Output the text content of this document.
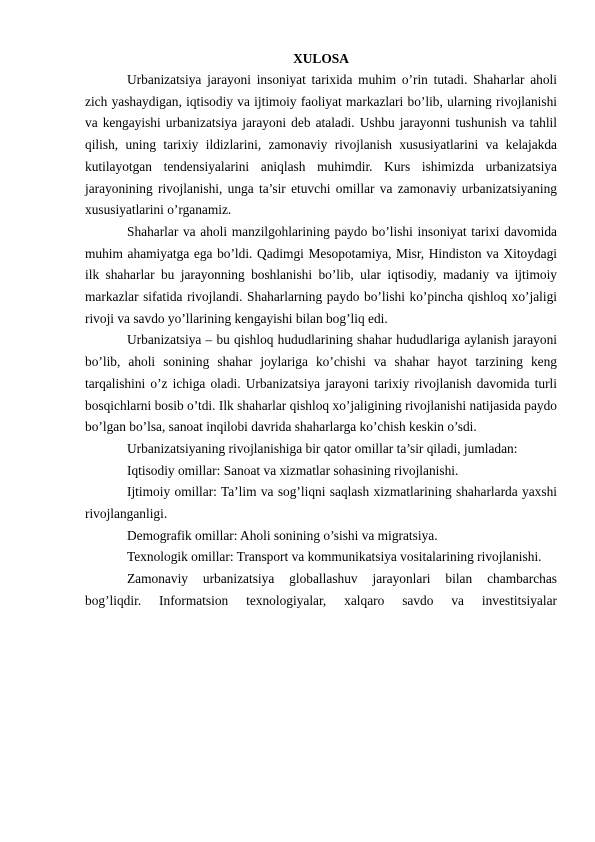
XULOSA

Urbanizatsiya jarayoni insoniyat tarixida muhim o’rin tutadi. Shaharlar aholi zich yashaydigan, iqtisodiy va ijtimoiy faoliyat markazlari bo’lib, ularning rivojlanishi va kengayishi urbanizatsiya jarayoni deb ataladi. Ushbu jarayonni tushunish va tahlil qilish, uning tarixiy ildizlarini, zamonaviy rivojlanish xususiyatlarini va kelajakda kutilayotgan tendensiyalarini aniqlash muhimdir. Kurs ishimizda urbanizatsiya jarayonining rivojlanishi, unga ta’sir etuvchi omillar va zamonaviy urbanizatsiyaning xususiyatlarini o’rganamiz.

Shaharlar va aholi manzilgohlarining paydo bo’lishi insoniyat tarixi davomida muhim ahamiyatga ega bo’ldi. Qadimgi Mesopotamiya, Misr, Hindiston va Xitoydagi ilk shaharlar bu jarayonning boshlanishi bo’lib, ular iqtisodiy, madaniy va ijtimoiy markazlar sifatida rivojlandi. Shaharlarning paydo bo’lishi ko’pincha qishloq xo’jaligi rivoji va savdo yo’llarining kengayishi bilan bog’liq edi.

Urbanizatsiya – bu qishloq hududlarining shahar hududlariga aylanish jarayoni bo’lib, aholi sonining shahar joylariga ko’chishi va shahar hayot tarzining keng tarqalishini o’z ichiga oladi. Urbanizatsiya jarayoni tarixiy rivojlanish davomida turli bosqichlarni bosib o’tdi. Ilk shaharlar qishloq xo’jaligining rivojlanishi natijasida paydo bo’lgan bo’lsa, sanoat inqilobi davrida shaharlarga ko’chish keskin o’sdi.

Urbanizatsiyaning rivojlanishiga bir qator omillar ta’sir qiladi, jumladan:

Iqtisodiy omillar: Sanoat va xizmatlar sohasining rivojlanishi.

Ijtimoiy omillar: Ta’lim va sog’liqni saqlash xizmatlarining shaharlarda yaxshi rivojlanganligi.

Demografik omillar: Aholi sonining o’sishi va migratsiya.

Texnologik omillar: Transport va kommunikatsiya vositalarining rivojlanishi.

Zamonaviy urbanizatsiya globallashuv jarayonlari bilan chambarchas bog’liqdir. Informatsion texnologiyalar, xalqaro savdo va investitsiyalar
